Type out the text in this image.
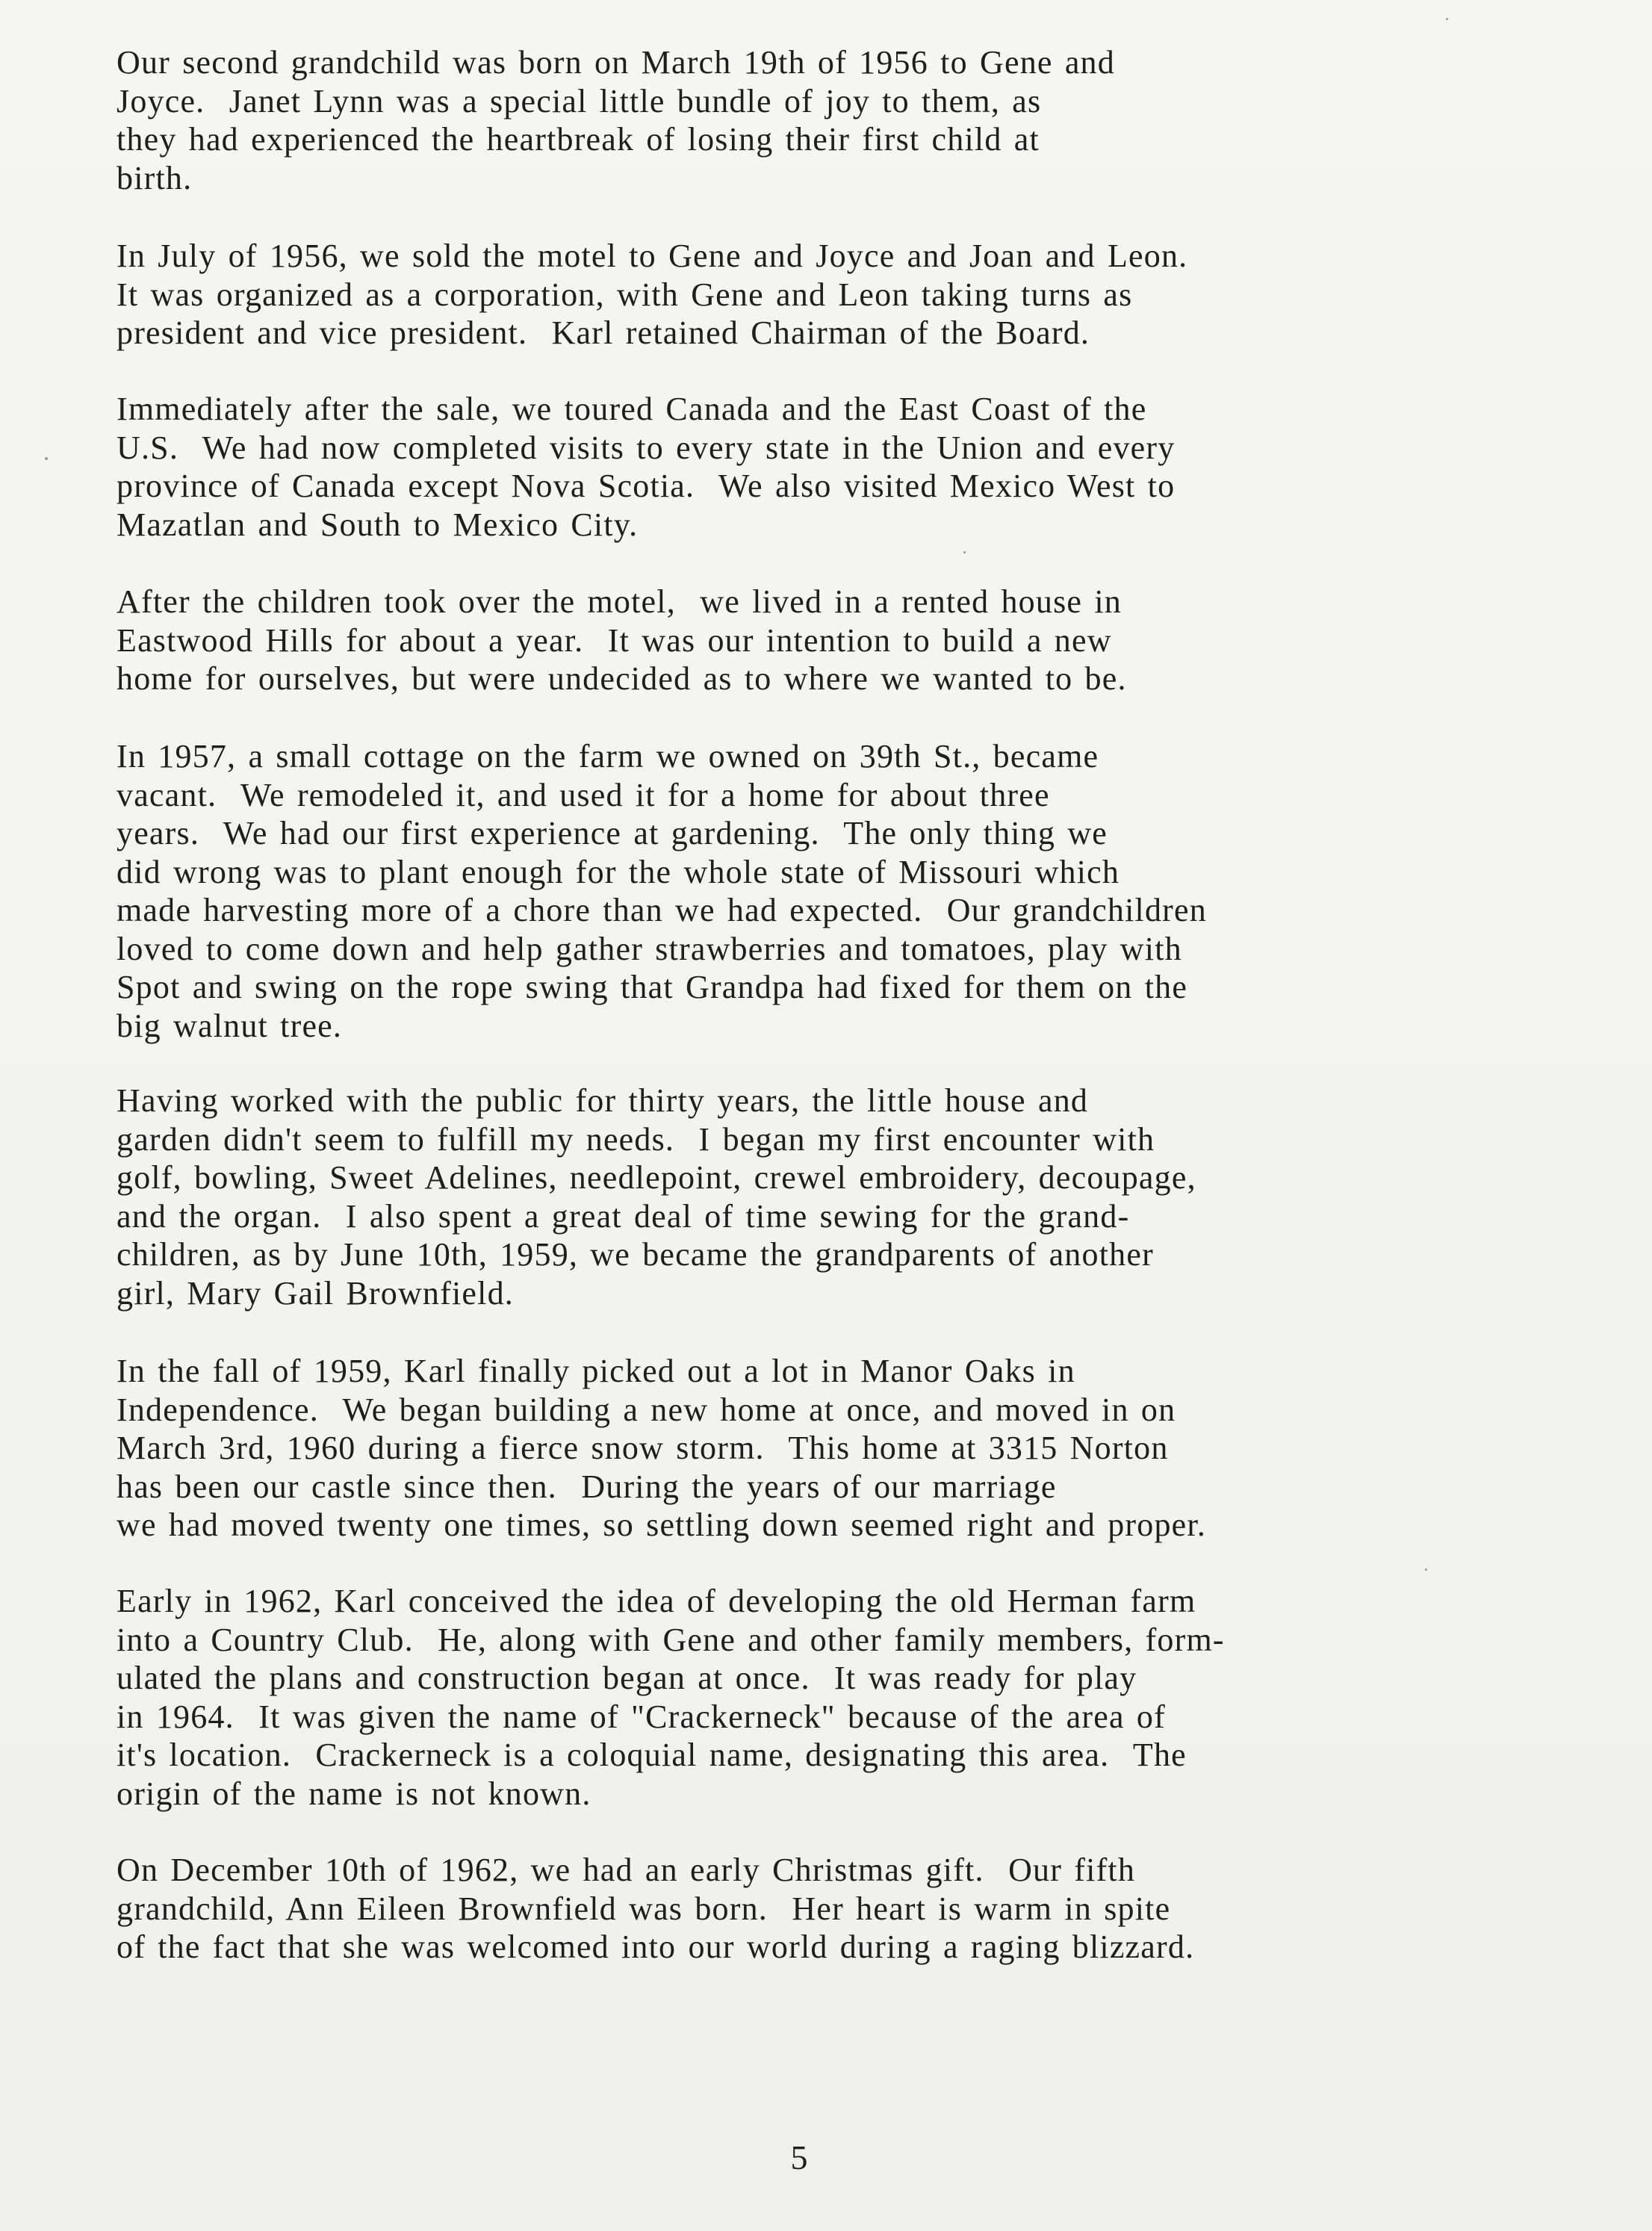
Our second grandchild was born on March 19th of 1956 to Gene and
Joyce.  Janet Lynn was a special little bundle of joy to them, as
they had experienced the heartbreak of losing their first child at
birth.
In July of 1956, we sold the motel to Gene and Joyce and Joan and Leon.
It was organized as a corporation, with Gene and Leon taking turns as
president and vice president.  Karl retained Chairman of the Board.
Immediately after the sale, we toured Canada and the East Coast of the
U.S.  We had now completed visits to every state in the Union and every
province of Canada except Nova Scotia.  We also visited Mexico West to
Mazatlan and South to Mexico City.
After the children took over the motel,  we lived in a rented house in
Eastwood Hills for about a year.  It was our intention to build a new
home for ourselves, but were undecided as to where we wanted to be.
In 1957, a small cottage on the farm we owned on 39th St., became
vacant.  We remodeled it, and used it for a home for about three
years.  We had our first experience at gardening.  The only thing we
did wrong was to plant enough for the whole state of Missouri which
made harvesting more of a chore than we had expected.  Our grandchildren
loved to come down and help gather strawberries and tomatoes, play with
Spot and swing on the rope swing that Grandpa had fixed for them on the
big walnut tree.
Having worked with the public for thirty years, the little house and
garden didn't seem to fulfill my needs.  I began my first encounter with
golf, bowling, Sweet Adelines, needlepoint, crewel embroidery, decoupage,
and the organ.  I also spent a great deal of time sewing for the grand-
children, as by June 10th, 1959, we became the grandparents of another
girl, Mary Gail Brownfield.
In the fall of 1959, Karl finally picked out a lot in Manor Oaks in
Independence.  We began building a new home at once, and moved in on
March 3rd, 1960 during a fierce snow storm.  This home at 3315 Norton
has been our castle since then.  During the years of our marriage
we had moved twenty one times, so settling down seemed right and proper.
Early in 1962, Karl conceived the idea of developing the old Herman farm
into a Country Club.  He, along with Gene and other family members, form-
ulated the plans and construction began at once.  It was ready for play
in 1964.  It was given the name of "Crackerneck" because of the area of
it's location.  Crackerneck is a coloquial name, designating this area.  The
origin of the name is not known.
On December 10th of 1962, we had an early Christmas gift.  Our fifth
grandchild, Ann Eileen Brownfield was born.  Her heart is warm in spite
of the fact that she was welcomed into our world during a raging blizzard.
5
